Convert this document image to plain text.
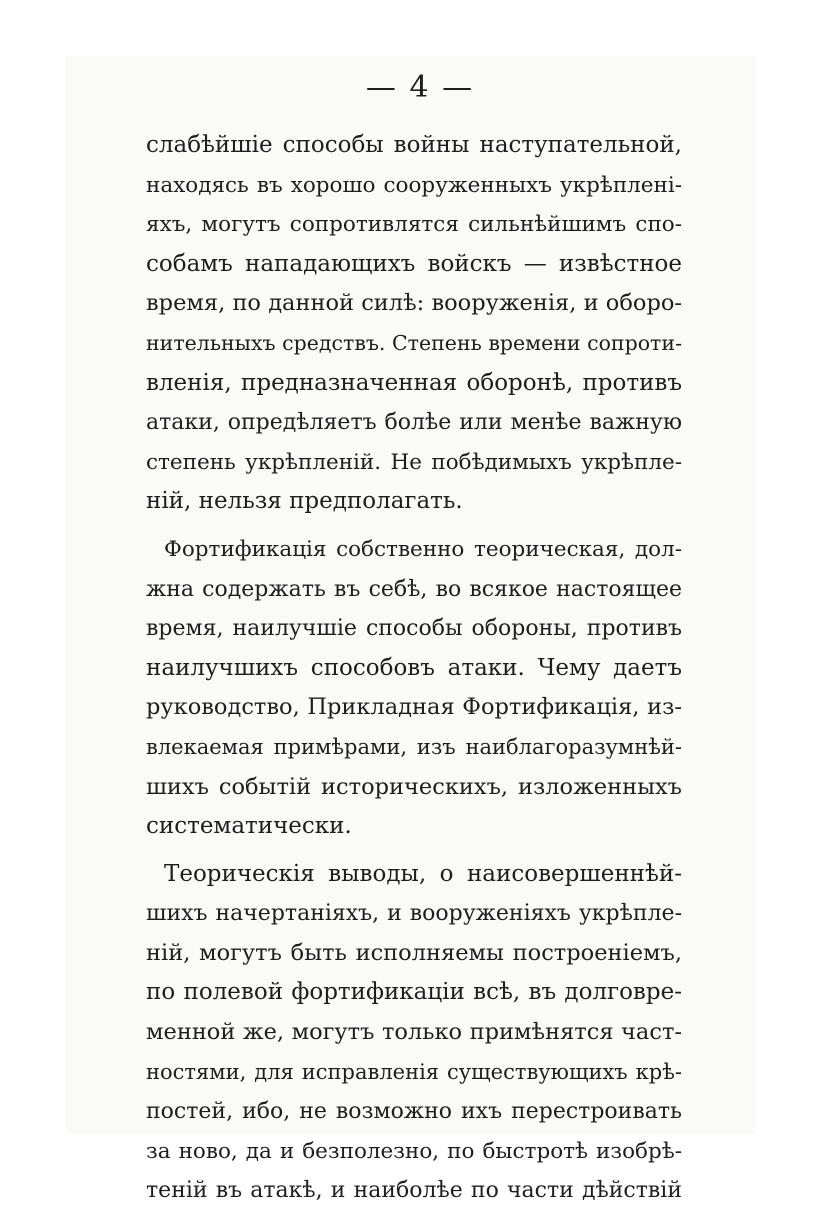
— 4 —
слабѣйшіе способы войны наступательной,
находясь въ хорошо сооруженныхъ укрѣплені-
яхъ, могутъ сопротивлятся сильнѣйшимъ спо-
собамъ нападающихъ войскъ — извѣстное
время, по данной силѣ: вооруженія, и оборо-
нительныхъ средствъ. Степень времени сопроти-
вленія, предназначенная оборонѣ, противъ
атаки, опредѣляетъ болѣе или менѣе важную
степень укрѣпленій. Не побѣдимыхъ укрѣпле-
ній, нельзя предполагать.
Фортификація собственно теорическая, дол-
жна содержать въ себѣ, во всякое настоящее
время, наилучшіе способы обороны, противъ
наилучшихъ способовъ атаки. Чему даетъ
руководство, Прикладная Фортификація, из-
влекаемая примѣрами, изъ наиблагоразумнѣй-
шихъ событій историческихъ, изложенныхъ
систематически.
Теорическія выводы, о наисовершеннѣй-
шихъ начертаніяхъ, и вооруженіяхъ укрѣпле-
ній, могутъ быть исполняемы построеніемъ,
по полевой фортификаціи всѣ, въ долговре-
менной же, могутъ только примѣнятся част-
ностями, для исправленія существующихъ крѣ-
постей, ибо, не возможно ихъ перестроивать
за ново, да и безполезно, по быстротѣ изобрѣ-
теній въ атакѣ, и наиболѣе по части дѣйствій
